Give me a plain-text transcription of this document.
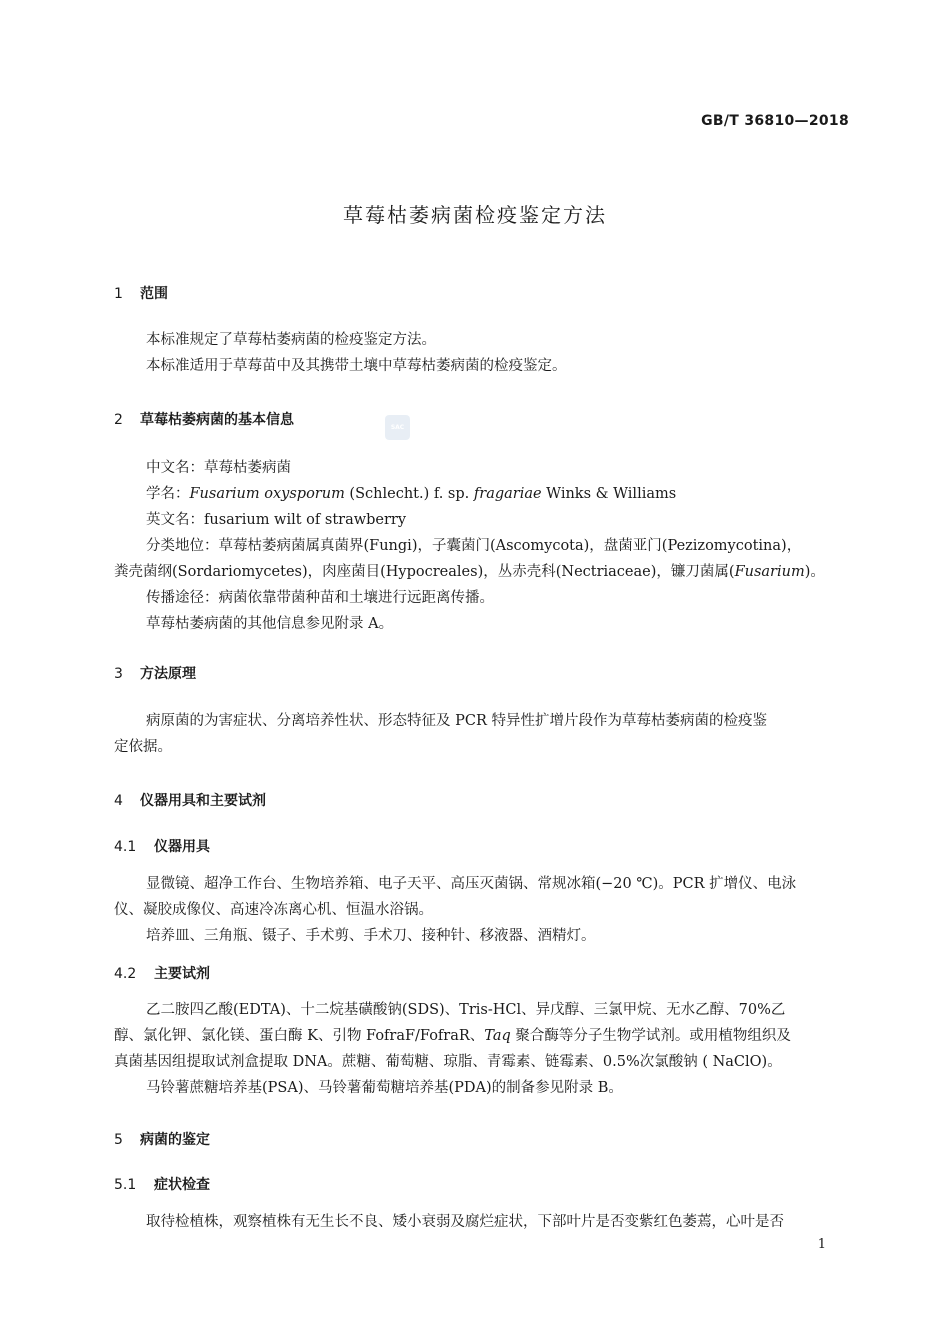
GB/T 36810—2018
草莓枯萎病菌检疫鉴定方法
SAC
1 范围
本标准规定了草莓枯萎病菌的检疫鉴定方法。
本标准适用于草莓苗中及其携带土壤中草莓枯萎病菌的检疫鉴定。
2 草莓枯萎病菌的基本信息
中文名：草莓枯萎病菌
学名：Fusarium oxysporum (Schlecht.) f. sp. fragariae Winks & Williams
英文名：fusarium wilt of strawberry
分类地位：草莓枯萎病菌属真菌界(Fungi)，子囊菌门(Ascomycota)，盘菌亚门(Pezizomycotina)，
粪壳菌纲(Sordariomycetes)，肉座菌目(Hypocreales)，丛赤壳科(Nectriaceae)，镰刀菌属(Fusarium)。
传播途径：病菌依靠带菌种苗和土壤进行远距离传播。
草莓枯萎病菌的其他信息参见附录 A。
3 方法原理
病原菌的为害症状、分离培养性状、形态特征及 PCR 特异性扩增片段作为草莓枯萎病菌的检疫鉴
定依据。
4 仪器用具和主要试剂
4.1 仪器用具
显微镜、超净工作台、生物培养箱、电子天平、高压灭菌锅、常规冰箱(−20 ℃)。PCR 扩增仪、电泳
仪、凝胶成像仪、高速冷冻离心机、恒温水浴锅。
培养皿、三角瓶、镊子、手术剪、手术刀、接种针、移液器、酒精灯。
4.2 主要试剂
乙二胺四乙酸(EDTA)、十二烷基磺酸钠(SDS)、Tris-HCl、异戊醇、三氯甲烷、无水乙醇、70%乙
醇、氯化钾、氯化镁、蛋白酶 K、引物 FofraF/FofraR、Taq 聚合酶等分子生物学试剂。或用植物组织及
真菌基因组提取试剂盒提取 DNA。蔗糖、葡萄糖、琼脂、青霉素、链霉素、0.5%次氯酸钠 ( NaClO)。
马铃薯蔗糖培养基(PSA)、马铃薯葡萄糖培养基(PDA)的制备参见附录 B。
5 病菌的鉴定
5.1 症状检查
取待检植株，观察植株有无生长不良、矮小衰弱及腐烂症状，下部叶片是否变紫红色萎蔫，心叶是否
1
